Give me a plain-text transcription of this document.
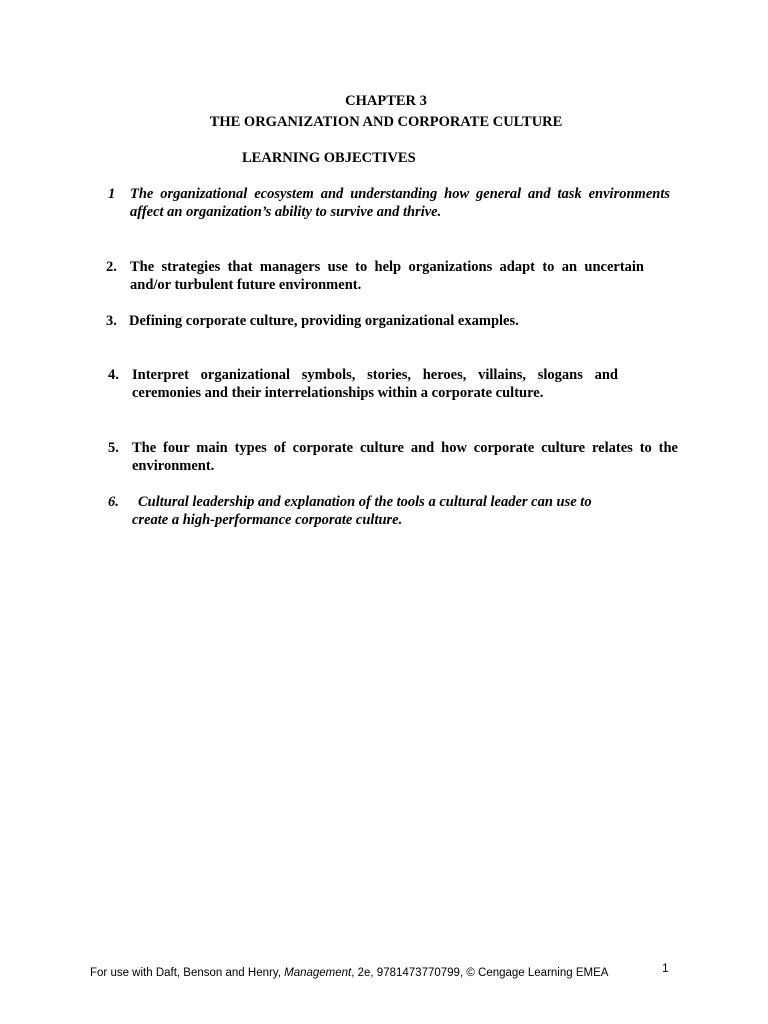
CHAPTER 3
THE ORGANIZATION AND CORPORATE CULTURE
LEARNING OBJECTIVES
1 The organizational ecosystem and understanding how general and task environments
affect an organization’s ability to survive and thrive.
2. The strategies that managers use to help organizations adapt to an uncertain
and/or turbulent future environment.
3. Defining corporate culture, providing organizational examples.
4. Interpret organizational symbols, stories, heroes, villains, slogans and
ceremonies and their interrelationships within a corporate culture.
5. The four main types of corporate culture and how corporate culture relates to the
environment.
6. Cultural leadership and explanation of the tools a cultural leader can use to
create a high-performance corporate culture.
For use with Daft, Benson and Henry, Management, 2e, 9781473770799, © Cengage Learning EMEA	1
